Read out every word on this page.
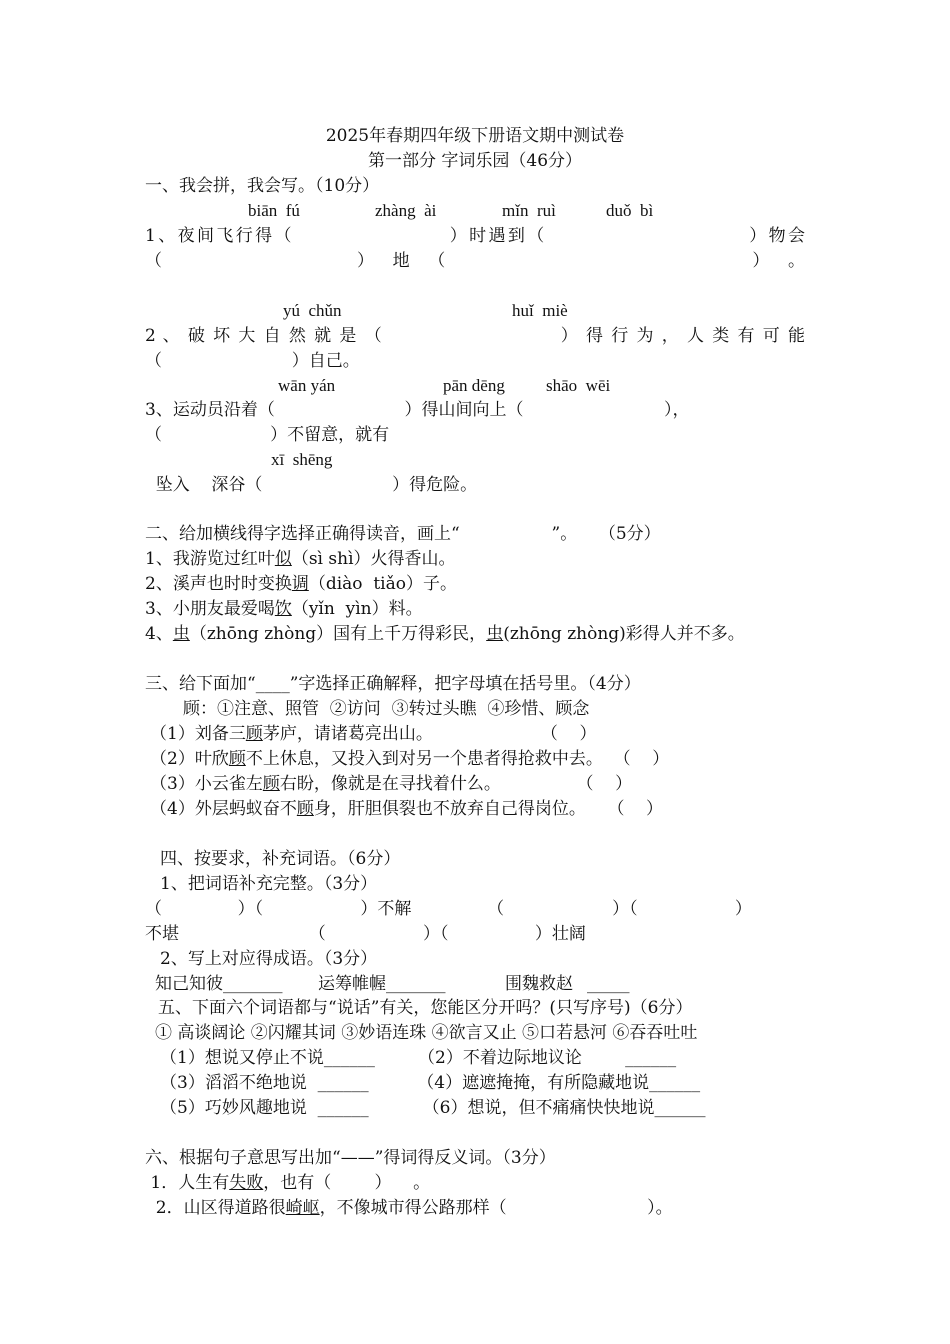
2025年春期四年级下册语文期中测试卷
第一部分 字词乐园（46分）
一、我会拼，我会写。（10分）
biān  fú	zhàng  ài	mǐn  ruì	duǒ  bì
1、夜间飞行得（                    ）时遇到（                          ）物会
（                        ）  地  （                                      ）  。
yú  chǔn	huǐ  miè
2 、 破 坏 大 自 然 就 是 （                          ） 得 行 为 ， 人 类 有 可 能
（                        ）自己。
wān yán	pān dēng shāo  wēi
3、运动员沿着（                        ）得山间向上（                          ），
（                    ）不留意，就有
xī  shēng
坠入    深谷（                        ）得危险。
二、给加横线得字选择正确得读音，画上“                 ”。    （5分）
1、我游览过红叶似（sì shì）火得香山。
2、溪声也时时变换调（diào  tiǎo）子。
3、小朋友最爱喝饮（yǐn  yìn）料。
4、虫（zhōng zhòng）国有上千万得彩民，虫(zhōng zhòng)彩得人并不多。
三、给下面加“____”字选择正确解释，把字母填在括号里。（4分）
顾：①注意、照管  ②访问  ③转过头瞧  ④珍惜、顾念
（1）刘备三顾茅庐，请诸葛亮出山。                    （    ）
（2）叶欣顾不上休息，又投入到对另一个患者得抢救中去。  （    ）
（3）小云雀左顾右盼，像就是在寻找着什么。              （    ）
（4）外层蚂蚁奋不顾身，肝胆俱裂也不放弃自己得岗位。    （    ）
四、按要求，补充词语。（6分）
1、把词语补充完整。（3分）
（              ）（                  ）不解              （                    ）（                  ）
不堪                        （                  ）（                ）壮阔
2、写上对应得成语。（3分）
知己知彼_______ 运筹帷幄_______	围魏救赵 _____
五、下面六个词语都与“说话”有关，您能区分开吗？(只写序号)（6分）
① 高谈阔论 ②闪耀其词 ③妙语连珠 ④欲言又止 ⑤口若悬河 ⑥吞吞吐吐
（1）想说又停止不说______        （2）不着边际地议论        ______
（3）滔滔不绝地说  ______         （4）遮遮掩掩，有所隐藏地说______
（5）巧妙风趣地说  ______          （6）想说，但不痛痛快快地说______
六、根据句子意思写出加“——”得词得反义词。（3分）
1．人生有失败，也有（        ）    。
2．山区得道路很崎岖，不像城市得公路那样（                          ）。
